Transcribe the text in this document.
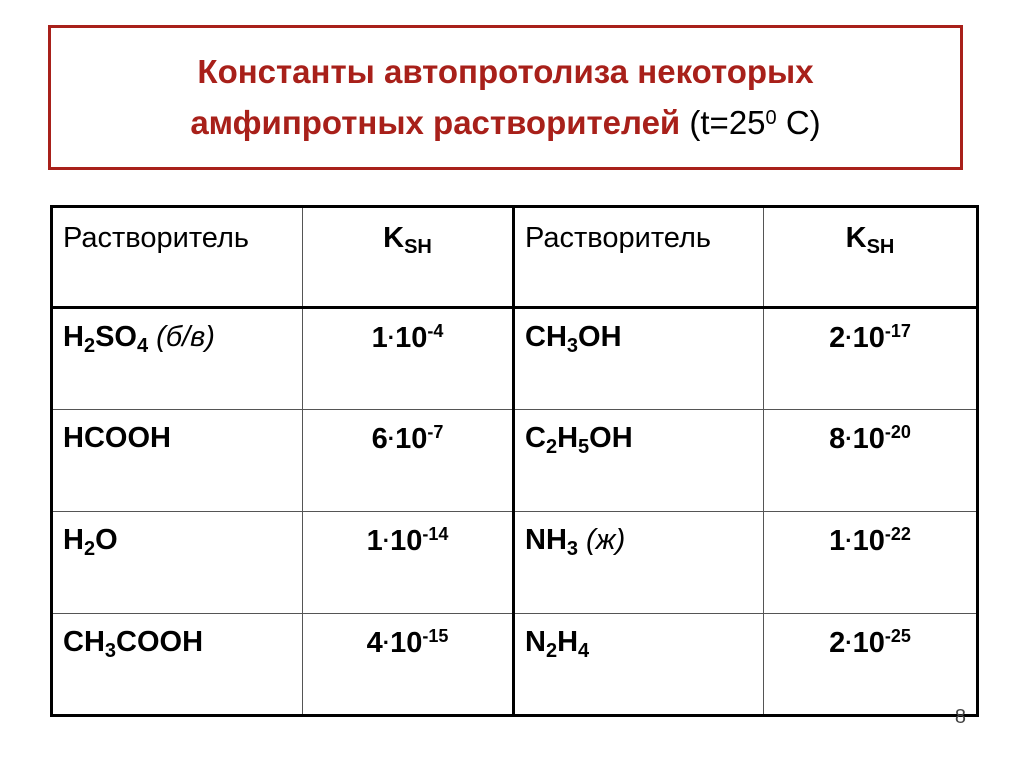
Константы автопротолиза некоторых
амфипротных растворителей ($t=25^0$ С)
Растворитель	$K_{SH}$	Растворитель	$K_{SH}$
$H_2SO_4$ (б/в)	$1\cdot 10^{-4}$	$CH_3OH$	$2\cdot 10^{-17}$
HCOOH	$6\cdot 10^{-7}$	$C_2H_5OH$	$8\cdot 10^{-20}$
$H_2O$	$1\cdot 10^{-14}$	$NH_3$ (ж)	$1\cdot 10^{-22}$
$CH_3COOH$	$4\cdot 10^{-15}$	$N_2H_4$	$2\cdot 10^{-25}$
8
